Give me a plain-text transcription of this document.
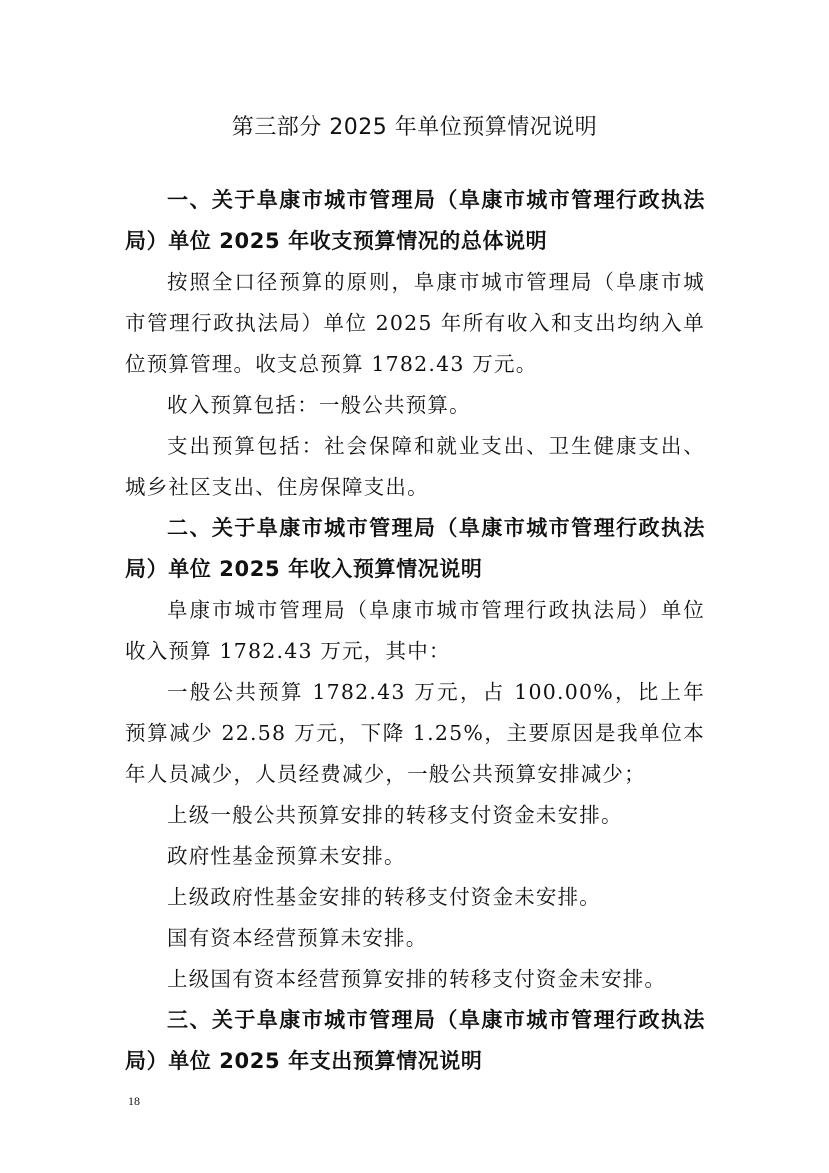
第三部分 2025 年单位预算情况说明

一、关于阜康市城市管理局（阜康市城市管理行政执法局）单位 2025 年收支预算情况的总体说明

按照全口径预算的原则，阜康市城市管理局（阜康市城市管理行政执法局）单位 2025 年所有收入和支出均纳入单位预算管理。收支总预算 1782.43 万元。

收入预算包括：一般公共预算。

支出预算包括：社会保障和就业支出、卫生健康支出、城乡社区支出、住房保障支出。

二、关于阜康市城市管理局（阜康市城市管理行政执法局）单位 2025 年收入预算情况说明

阜康市城市管理局（阜康市城市管理行政执法局）单位收入预算 1782.43 万元，其中：

一般公共预算 1782.43 万元，占 100.00%，比上年预算减少 22.58 万元，下降 1.25%，主要原因是我单位本年人员减少，人员经费减少，一般公共预算安排减少；

上级一般公共预算安排的转移支付资金未安排。

政府性基金预算未安排。

上级政府性基金安排的转移支付资金未安排。

国有资本经营预算未安排。

上级国有资本经营预算安排的转移支付资金未安排。

三、关于阜康市城市管理局（阜康市城市管理行政执法局）单位 2025 年支出预算情况说明

18
